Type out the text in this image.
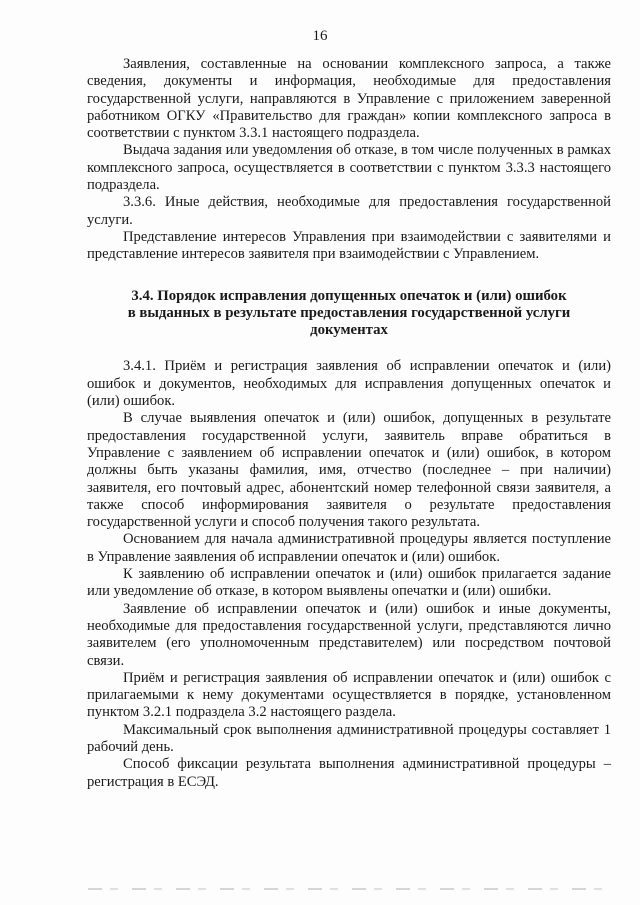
16

Заявления, составленные на основании комплексного запроса, а также сведения, документы и информация, необходимые для предоставления государственной услуги, направляются в Управление с приложением заверенной работником ОГКУ «Правительство для граждан» копии комплексного запроса в соответствии с пунктом 3.3.1 настоящего подраздела.

Выдача задания или уведомления об отказе, в том числе полученных в рамках комплексного запроса, осуществляется в соответствии с пунктом 3.3.3 настоящего подраздела.

3.3.6. Иные действия, необходимые для предоставления государственной услуги.

Представление интересов Управления при взаимодействии с заявителями и представление интересов заявителя при взаимодействии с Управлением.

3.4. Порядок исправления допущенных опечаток и (или) ошибок
в выданных в результате предоставления государственной услуги
документах

3.4.1. Приём и регистрация заявления об исправлении опечаток и (или) ошибок и документов, необходимых для исправления допущенных опечаток и (или) ошибок.

В случае выявления опечаток и (или) ошибок, допущенных в результате предоставления государственной услуги, заявитель вправе обратиться в Управление с заявлением об исправлении опечаток и (или) ошибок, в котором должны быть указаны фамилия, имя, отчество (последнее – при наличии) заявителя, его почтовый адрес, абонентский номер телефонной связи заявителя, а также способ информирования заявителя о результате предоставления государственной услуги и способ получения такого результата.

Основанием для начала административной процедуры является поступление в Управление заявления об исправлении опечаток и (или) ошибок.

К заявлению об исправлении опечаток и (или) ошибок прилагается задание или уведомление об отказе, в котором выявлены опечатки и (или) ошибки.

Заявление об исправлении опечаток и (или) ошибок и иные документы, необходимые для предоставления государственной услуги, представляются лично заявителем (его уполномоченным представителем) или посредством почтовой связи.

Приём и регистрация заявления об исправлении опечаток и (или) ошибок с прилагаемыми к нему документами осуществляется в порядке, установленном пунктом 3.2.1 подраздела 3.2 настоящего раздела.

Максимальный срок выполнения административной процедуры составляет 1 рабочий день.

Способ фиксации результата выполнения административной процедуры – регистрация в ЕСЭД.
